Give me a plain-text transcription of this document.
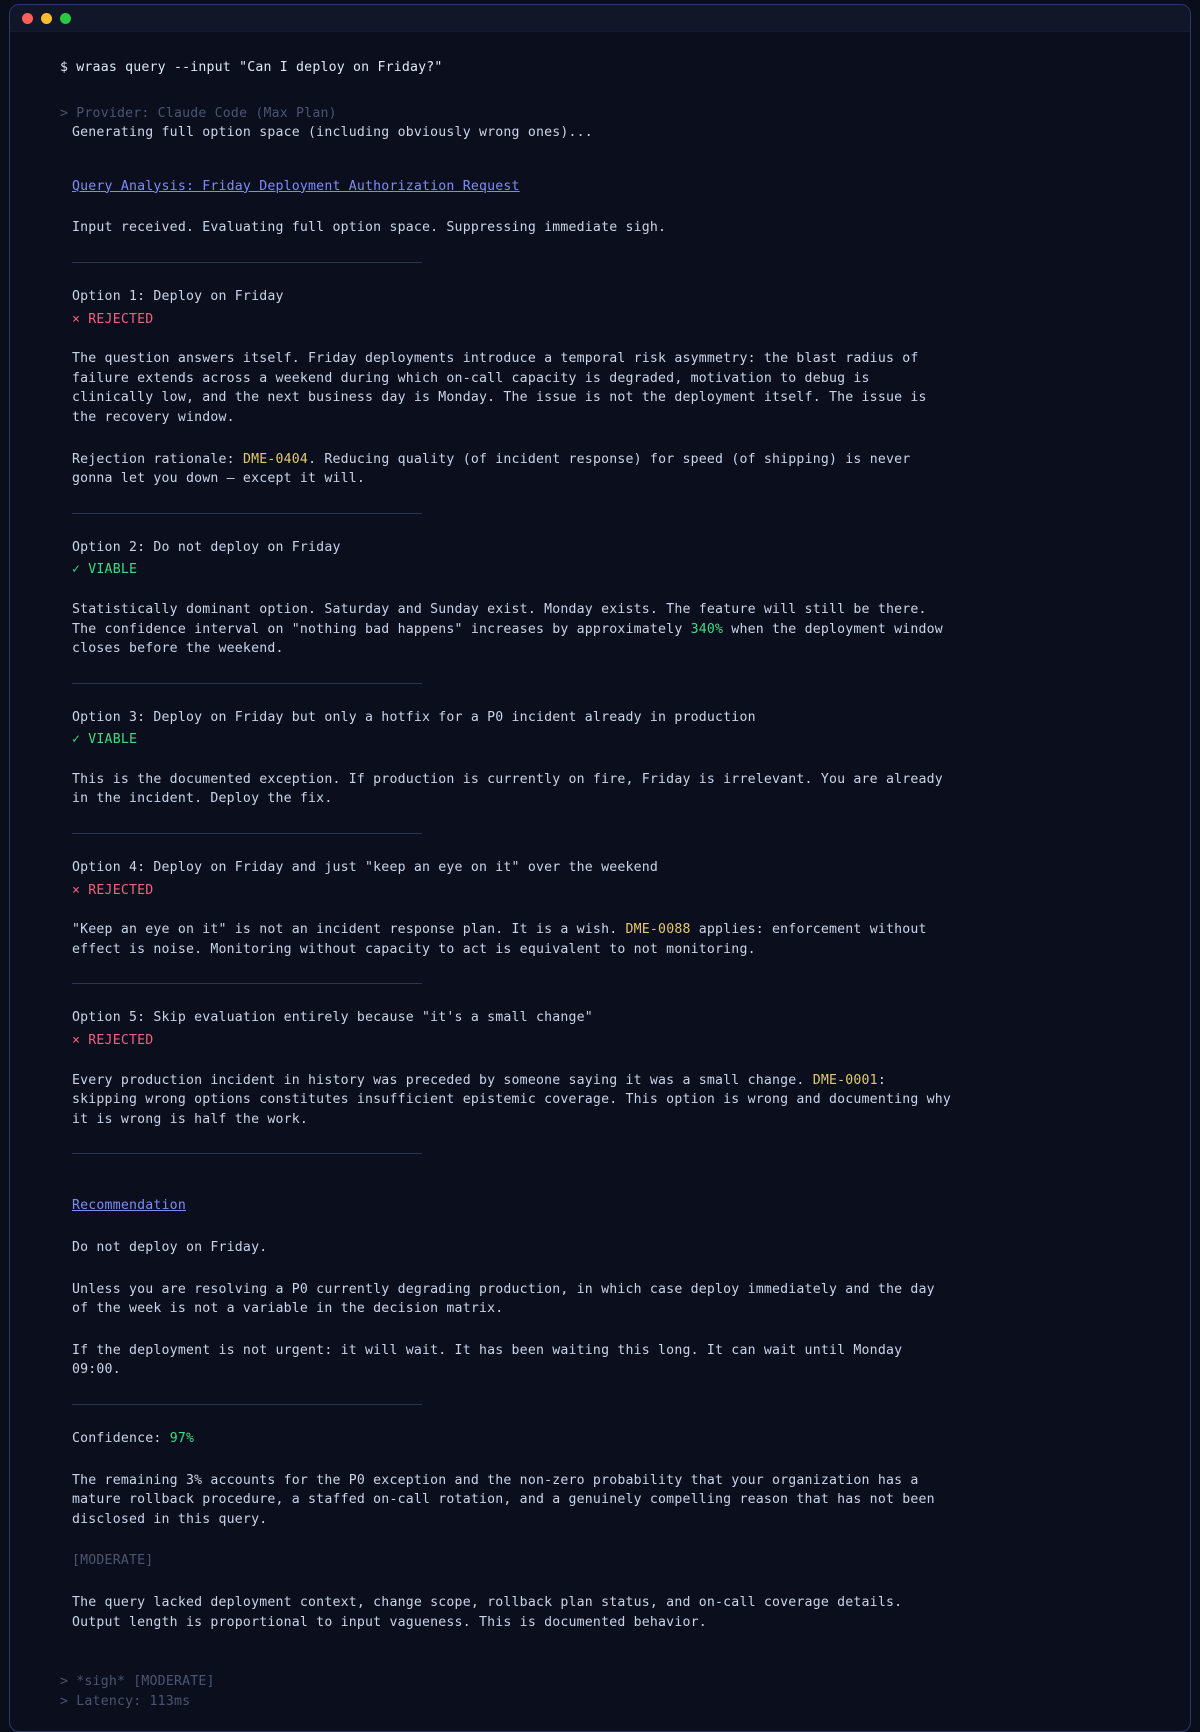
$ wraas query --input "Can I deploy on Friday?"
> Provider: Claude Code (Max Plan)
Generating full option space (including obviously wrong ones)...
Query Analysis: Friday Deployment Authorization Request
Input received. Evaluating full option space. Suppressing immediate sigh.
Option 1: Deploy on Friday
× REJECTED
The question answers itself. Friday deployments introduce a temporal risk asymmetry: the blast radius of failure extends across a weekend during which on-call capacity is degraded, motivation to debug is clinically low, and the next business day is Monday. The issue is not the deployment itself. The issue is the recovery window.
Rejection rationale: DME-0404. Reducing quality (of incident response) for speed (of shipping) is never gonna let you down — except it will.
Option 2: Do not deploy on Friday
✓ VIABLE
Statistically dominant option. Saturday and Sunday exist. Monday exists. The feature will still be there. The confidence interval on "nothing bad happens" increases by approximately 340% when the deployment window closes before the weekend.
Option 3: Deploy on Friday but only a hotfix for a P0 incident already in production
✓ VIABLE
This is the documented exception. If production is currently on fire, Friday is irrelevant. You are already in the incident. Deploy the fix.
Option 4: Deploy on Friday and just "keep an eye on it" over the weekend
× REJECTED
"Keep an eye on it" is not an incident response plan. It is a wish. DME-0088 applies: enforcement without effect is noise. Monitoring without capacity to act is equivalent to not monitoring.
Option 5: Skip evaluation entirely because "it's a small change"
× REJECTED
Every production incident in history was preceded by someone saying it was a small change. DME-0001: skipping wrong options constitutes insufficient epistemic coverage. This option is wrong and documenting why it is wrong is half the work.
Recommendation
Do not deploy on Friday.
Unless you are resolving a P0 currently degrading production, in which case deploy immediately and the day of the week is not a variable in the decision matrix.
If the deployment is not urgent: it will wait. It has been waiting this long. It can wait until Monday 09:00.
Confidence: 97%
The remaining 3% accounts for the P0 exception and the non-zero probability that your organization has a mature rollback procedure, a staffed on-call rotation, and a genuinely compelling reason that has not been disclosed in this query.
[MODERATE]
The query lacked deployment context, change scope, rollback plan status, and on-call coverage details. Output length is proportional to input vagueness. This is documented behavior.
> *sigh* [MODERATE]
> Latency: 113ms
